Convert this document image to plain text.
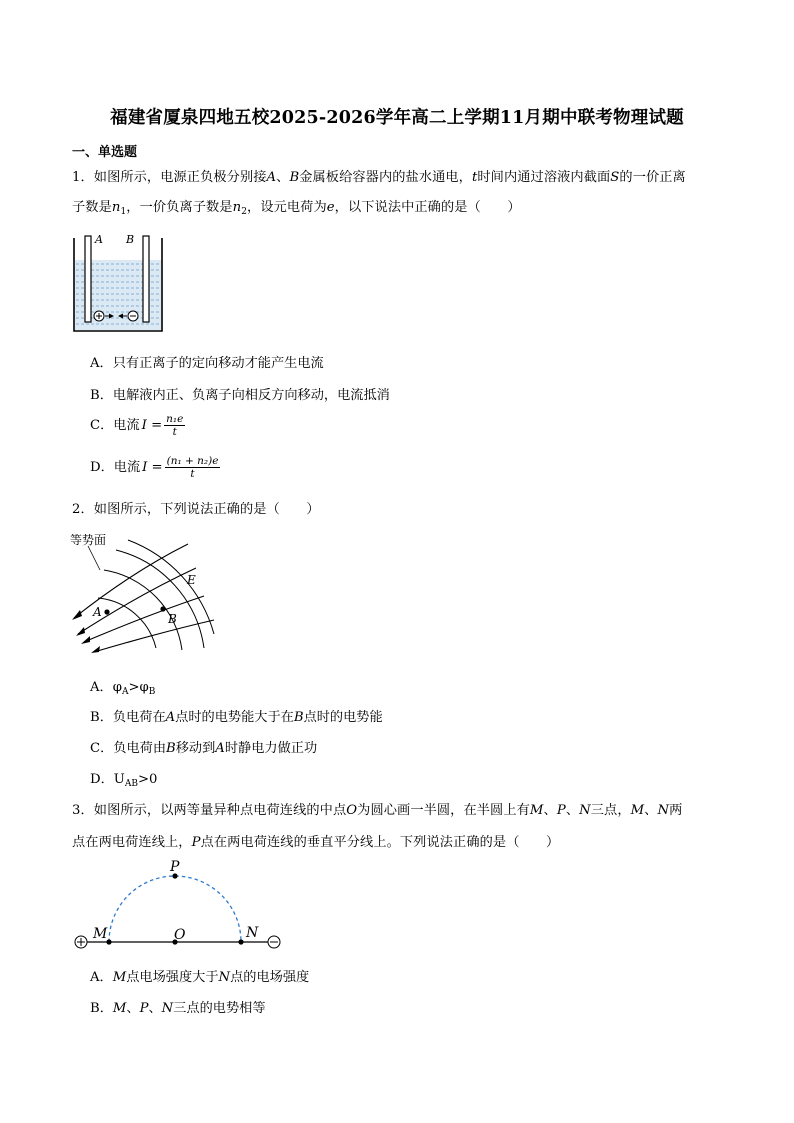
福建省厦泉四地五校2025-2026学年高二上学期11月期中联考物理试题
一、单选题
1．如图所示，电源正负极分别接A、B金属板给容器内的盐水通电，t时间内通过溶液内截面S的一价正离
子数是$n_1$，一价负离子数是$n_2$，设元电荷为e，以下说法中正确的是（　　）
A B
A．只有正离子的定向移动才能产生电流
B．电解液内正、负离子向相反方向移动，电流抵消
C．电流 $I = \frac{\text{n₁e}}{t}$
D．电流 $I = \frac{\text{(n₁ + n₂)e}}{t}$
2．如图所示，下列说法正确的是（　　）
等势面
E
A	B
A．$\varphi_A>\varphi_B$
B．负电荷在A点时的电势能大于在B点时的电势能
C．负电荷由B移动到A时静电力做正功
D．$U_{AB}>0$
3．如图所示，以两等量异种点电荷连线的中点O为圆心画一半圆，在半圆上有M、P、N三点，M、N两
点在两电荷连线上，P点在两电荷连线的垂直平分线上。下列说法正确的是（　　）
P
M	O	N
A．M点电场强度大于N点的电场强度
B．M、P、N三点的电势相等
